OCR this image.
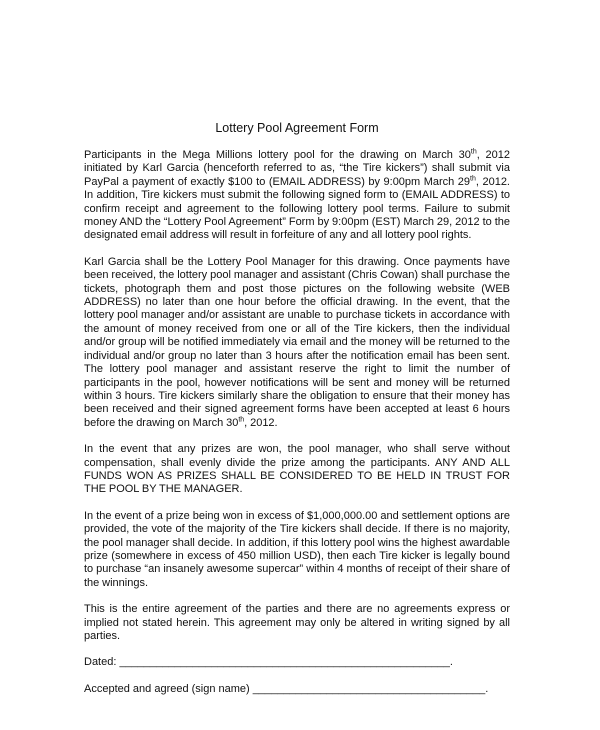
Lottery Pool Agreement Form

Participants in the Mega Millions lottery pool for the drawing on March 30th, 2012 initiated by Karl Garcia (henceforth referred to as, “the Tire kickers”) shall submit via PayPal a payment of exactly $100 to (EMAIL ADDRESS) by 9:00pm March 29th, 2012. In addition, Tire kickers must submit the following signed form to (EMAIL ADDRESS) to confirm receipt and agreement to the following lottery pool terms. Failure to submit money AND the “Lottery Pool Agreement” Form by 9:00pm (EST) March 29, 2012 to the designated email address will result in forfeiture of any and all lottery pool rights.

Karl Garcia shall be the Lottery Pool Manager for this drawing. Once payments have been received, the lottery pool manager and assistant (Chris Cowan) shall purchase the tickets, photograph them and post those pictures on the following website (WEB ADDRESS) no later than one hour before the official drawing. In the event, that the lottery pool manager and/or assistant are unable to purchase tickets in accordance with the amount of money received from one or all of the Tire kickers, then the individual and/or group will be notified immediately via email and the money will be returned to the individual and/or group no later than 3 hours after the notification email has been sent. The lottery pool manager and assistant reserve the right to limit the number of participants in the pool, however notifications will be sent and money will be returned within 3 hours. Tire kickers similarly share the obligation to ensure that their money has been received and their signed agreement forms have been accepted at least 6 hours before the drawing on March 30th, 2012.

In the event that any prizes are won, the pool manager, who shall serve without compensation, shall evenly divide the prize among the participants. ANY AND ALL FUNDS WON AS PRIZES SHALL BE CONSIDERED TO BE HELD IN TRUST FOR THE POOL BY THE MANAGER.

In the event of a prize being won in excess of $1,000,000.00 and settlement options are provided, the vote of the majority of the Tire kickers shall decide. If there is no majority, the pool manager shall decide. In addition, if this lottery pool wins the highest awardable prize (somewhere in excess of 450 million USD), then each Tire kicker is legally bound to purchase “an insanely awesome supercar” within 4 months of receipt of their share of the winnings.

This is the entire agreement of the parties and there are no agreements express or implied not stated herein. This agreement may only be altered in writing signed by all parties.

Dated: ______________________________________________________.
Accepted and agreed (sign name) ______________________________________.
